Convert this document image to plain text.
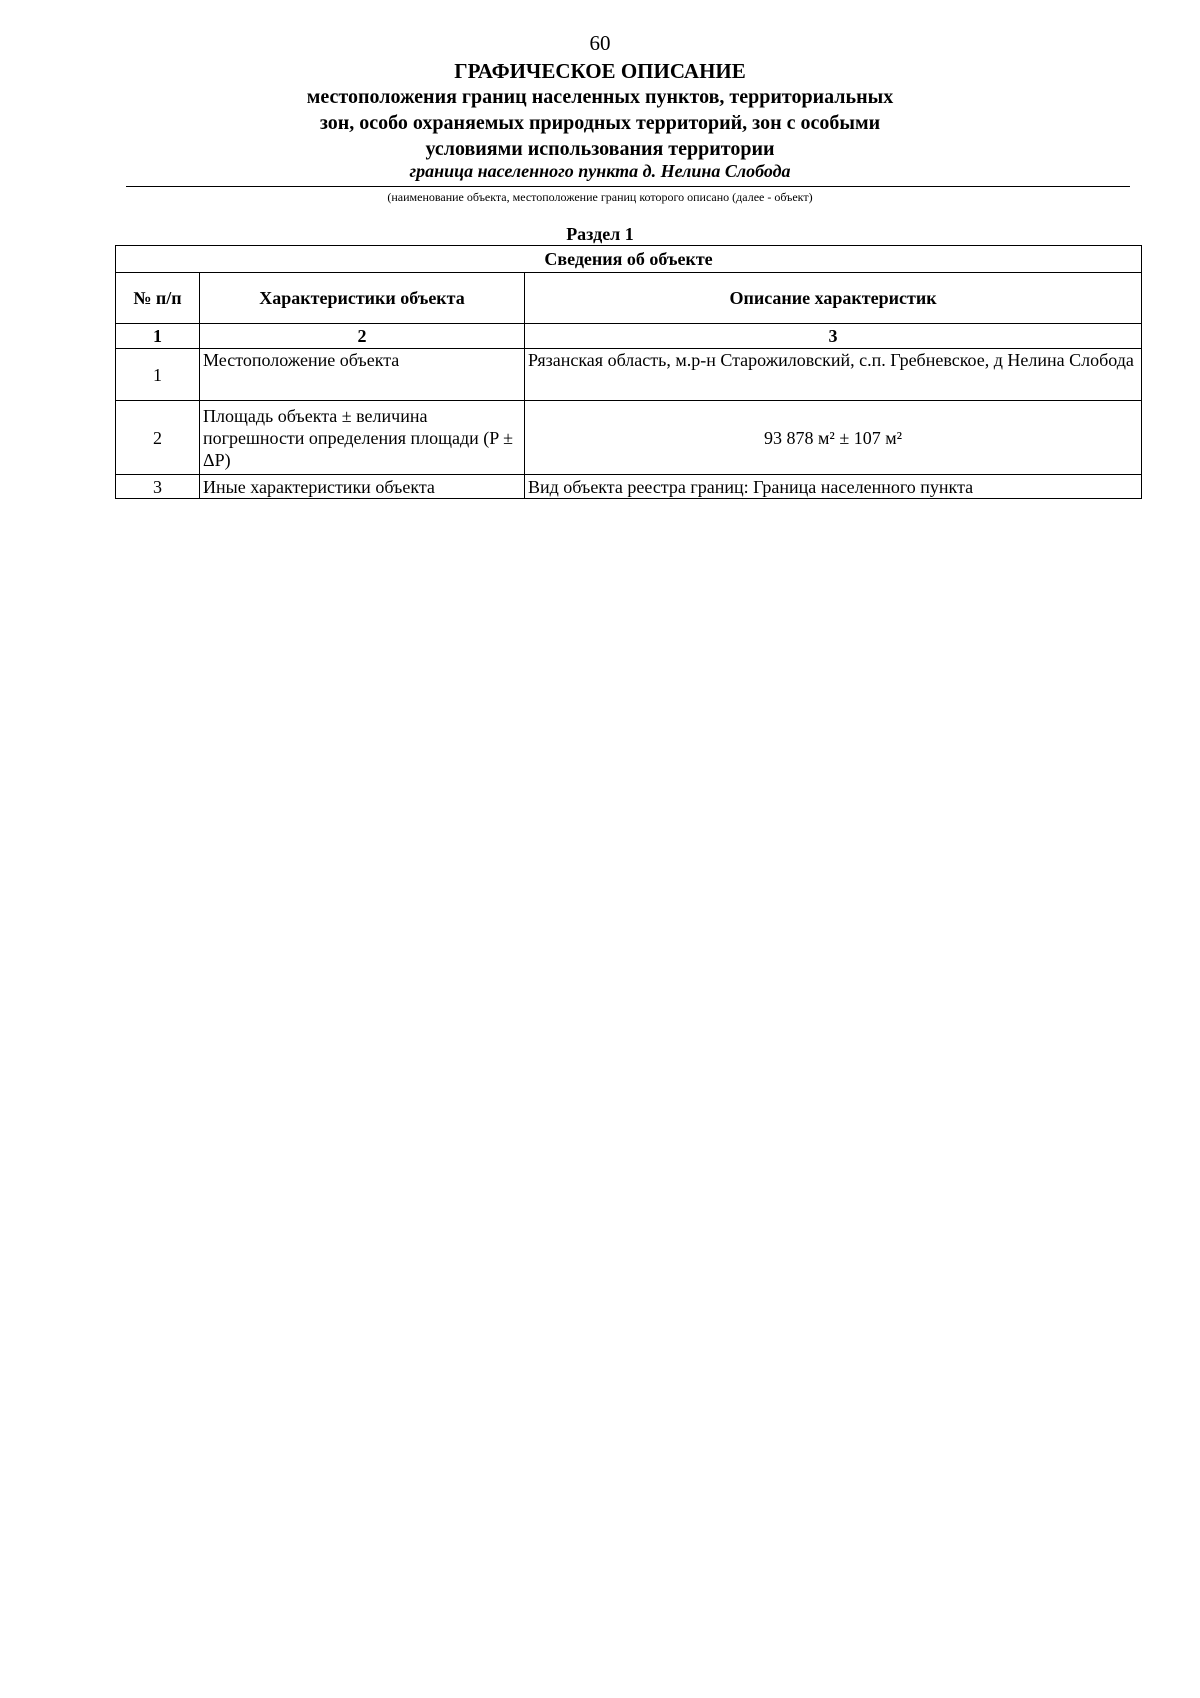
60

ГРАФИЧЕСКОЕ ОПИСАНИЕ

местоположения границ населенных пунктов, территориальных

зон, особо охраняемых природных территорий, зон с особыми

условиями использования территории

граница населенного пункта д. Нелина Слобода
(наименование объекта, местоположение границ которого описано (далее - объект)
Раздел 1
Сведения об объекте		
№ п/п	Характеристики объекта	Описание характеристик
1	2	3
1	Местоположение объекта	Рязанская область, м.р-н Старожиловский, с.п. Гребневское, д Нелина Слобода
2	Площадь объекта ± величина погрешности определения площади (P ± ΔP)	93 878 м² ± 107 м²
3	Иные характеристики объекта	Вид объекта реестра границ: Граница населенного пункта
